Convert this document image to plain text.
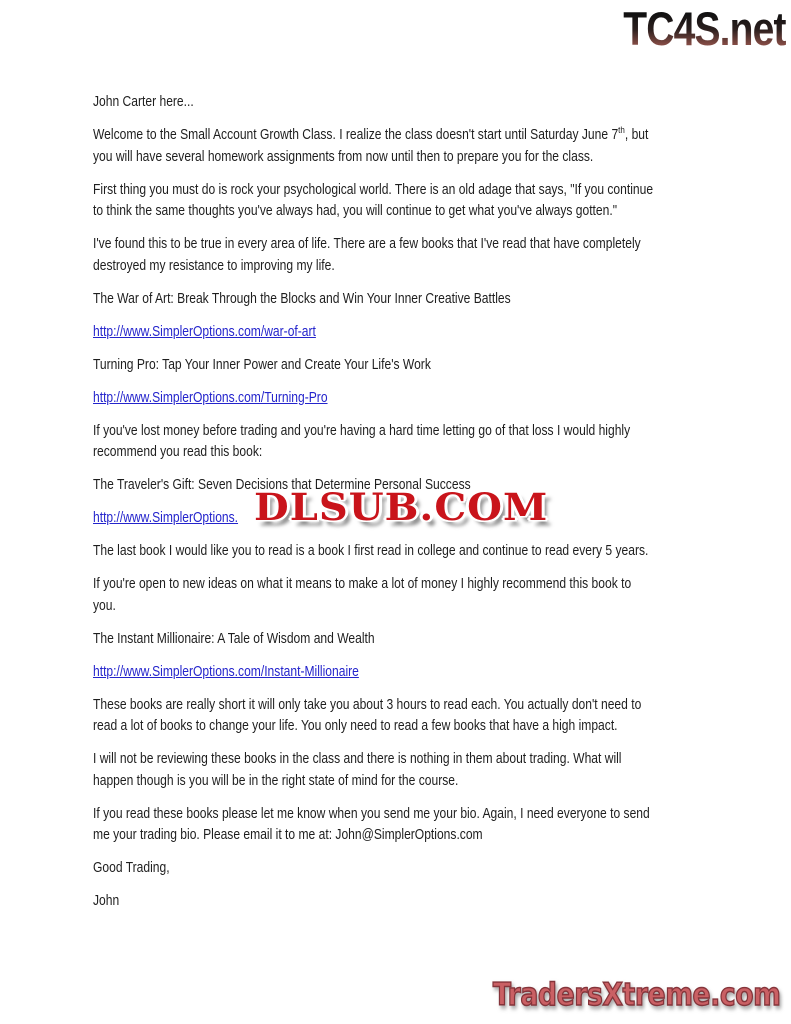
John Carter here...

Welcome to the Small Account Growth Class. I realize the class doesn't start until Saturday June 7th, but
you will have several homework assignments from now until then to prepare you for the class.

First thing you must do is rock your psychological world. There is an old adage that says, "If you continue
to think the same thoughts you've always had, you will continue to get what you've always gotten."

I've found this to be true in every area of life. There are a few books that I've read that have completely
destroyed my resistance to improving my life.

The War of Art: Break Through the Blocks and Win Your Inner Creative Battles

http://www.SimplerOptions.com/war-of-art

Turning Pro: Tap Your Inner Power and Create Your Life's Work

http://www.SimplerOptions.com/Turning-Pro

If you've lost money before trading and you're having a hard time letting go of that loss I would highly
recommend you read this book:

The Traveler's Gift: Seven Decisions that Determine Personal Success

http://www.SimplerOptions.

The last book I would like you to read is a book I first read in college and continue to read every 5 years.

If you're open to new ideas on what it means to make a lot of money I highly recommend this book to
you.

The Instant Millionaire: A Tale of Wisdom and Wealth

http://www.SimplerOptions.com/Instant-Millionaire

These books are really short it will only take you about 3 hours to read each. You actually don't need to
read a lot of books to change your life. You only need to read a few books that have a high impact.

I will not be reviewing these books in the class and there is nothing in them about trading. What will
happen though is you will be in the right state of mind for the course.

If you read these books please let me know when you send me your bio. Again, I need everyone to send
me your trading bio. Please email it to me at: John@SimplerOptions.com

Good Trading,

John

TC4S.net
DLSUB.COM
TradersXtreme.com
